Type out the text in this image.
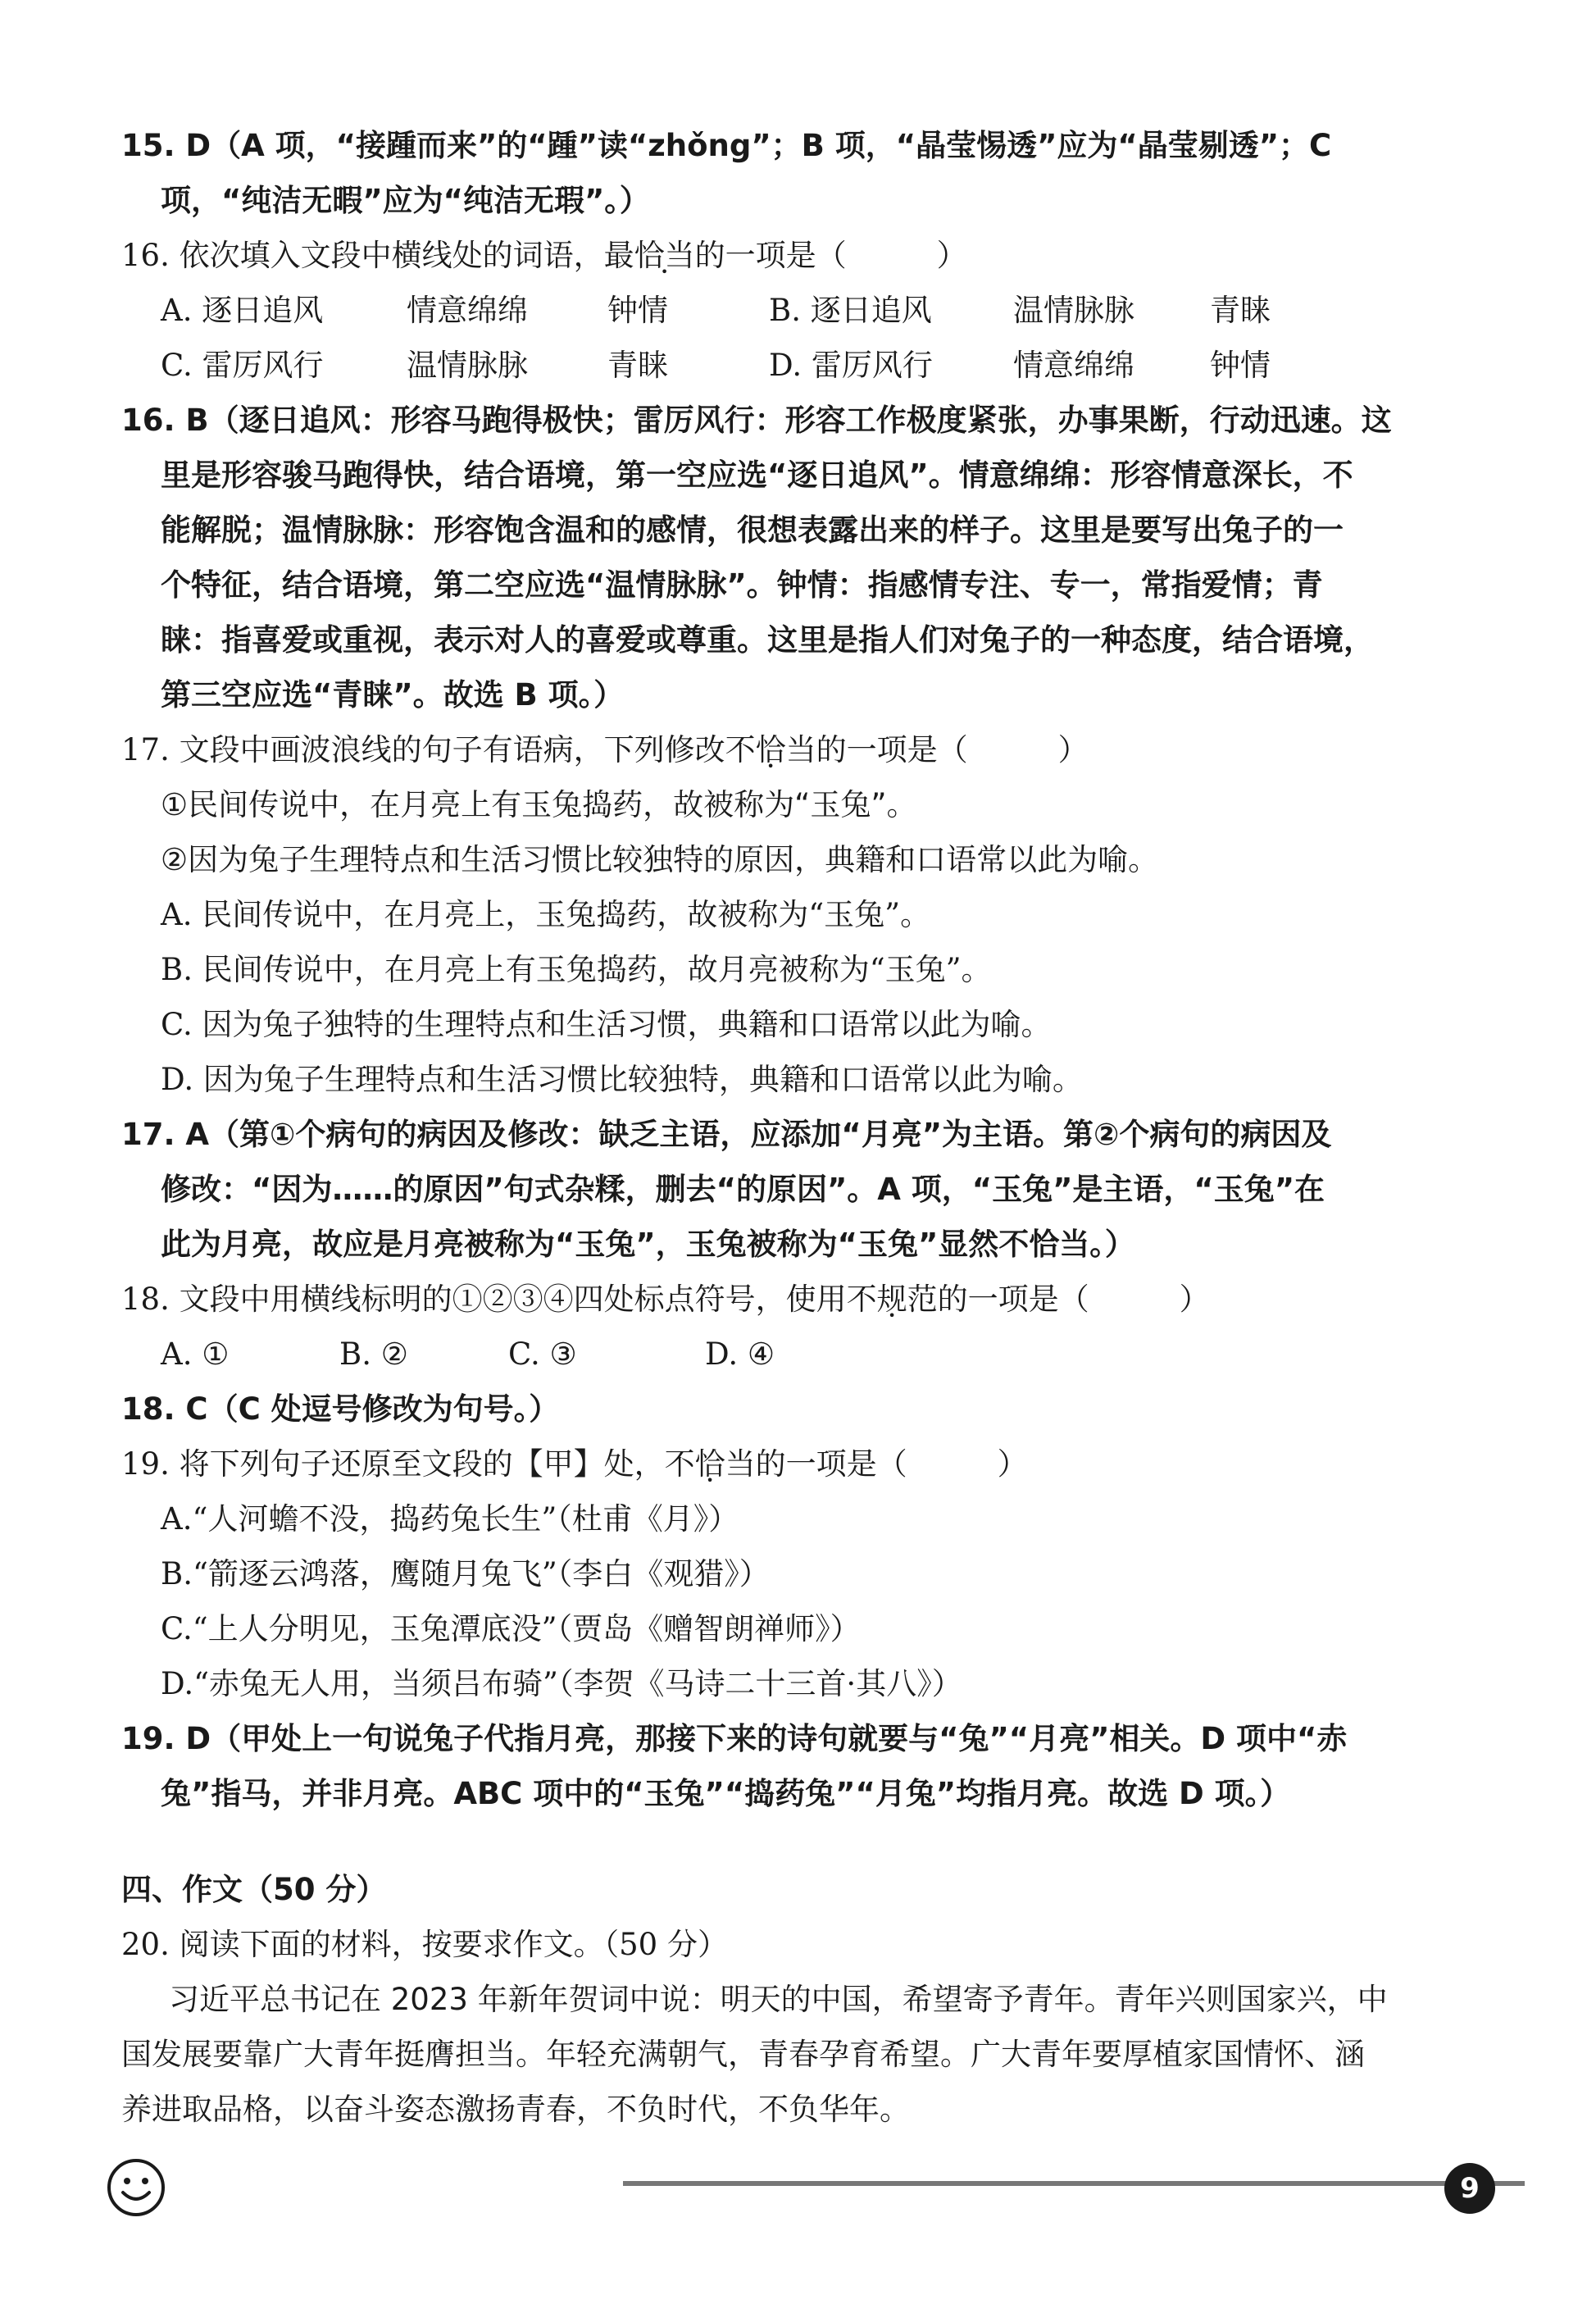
15. D（A 项，“接踵而来”的“踵”读“zhǒng”；B 项，“晶莹惕透”应为“晶莹剔透”；C
项，“纯洁无暇”应为“纯洁无瑕”。）
16. 依次填入文段中横线处的词语，最恰当的一项是（	）
A. 逐日追风	情意绵绵	钟情	B. 逐日追风	温情脉脉 青睐
C. 雷厉风行	温情脉脉	青睐	D. 雷厉风行	情意绵绵 钟情
16. B（逐日追风：形容马跑得极快；雷厉风行：形容工作极度紧张，办事果断，行动迅速。这
里是形容骏马跑得快，结合语境，第一空应选“逐日追风”。情意绵绵：形容情意深长，不
能解脱；温情脉脉：形容饱含温和的感情，很想表露出来的样子。这里是要写出兔子的一
个特征，结合语境，第二空应选“温情脉脉”。钟情：指感情专注、专一，常指爱情；青
睐：指喜爱或重视，表示对人的喜爱或尊重。这里是指人们对兔子的一种态度，结合语境，
第三空应选“青睐”。故选 B 项。）
17. 文段中画波浪线的句子有语病，下列修改不恰当的一项是（	）
①民间传说中，在月亮上有玉兔捣药，故被称为“玉兔”。
②因为兔子生理特点和生活习惯比较独特的原因，典籍和口语常以此为喻。
A. 民间传说中，在月亮上，玉兔捣药，故被称为“玉兔”。
B. 民间传说中，在月亮上有玉兔捣药，故月亮被称为“玉兔”。
C. 因为兔子独特的生理特点和生活习惯，典籍和口语常以此为喻。
D. 因为兔子生理特点和生活习惯比较独特，典籍和口语常以此为喻。
17. A（第①个病句的病因及修改：缺乏主语，应添加“月亮”为主语。第②个病句的病因及
修改：“因为……的原因”句式杂糅，删去“的原因”。A 项，“玉兔”是主语，“玉兔”在
此为月亮，故应是月亮被称为“玉兔”，玉兔被称为“玉兔”显然不恰当。）
18. 文段中用横线标明的①②③④四处标点符号，使用不规范的一项是（	）
A. ①	B. ②	C. ③	D. ④
18. C（C 处逗号修改为句号。）
19. 将下列句子还原至文段的【甲】处，不恰当的一项是（	）
A.“人河蟾不没，捣药兔长生”（杜甫《月》）
B.“箭逐云鸿落，鹰随月兔飞”（李白《观猎》）
C.“上人分明见，玉兔潭底没”（贾岛《赠智朗禅师》）
D.“赤兔无人用，当须吕布骑”（李贺《马诗二十三首·其八》）
19. D（甲处上一句说兔子代指月亮，那接下来的诗句就要与“兔”“月亮”相关。D 项中“赤
兔”指马，并非月亮。ABC 项中的“玉兔”“捣药兔”“月兔”均指月亮。故选 D 项。）
四、作文（50 分）
20. 阅读下面的材料，按要求作文。（50 分）
习近平总书记在 2023 年新年贺词中说：明天的中国，希望寄予青年。青年兴则国家兴，中
国发展要靠广大青年挺膺担当。年轻充满朝气，青春孕育希望。广大青年要厚植家国情怀、涵
养进取品格，以奋斗姿态激扬青春，不负时代，不负华年。
9
